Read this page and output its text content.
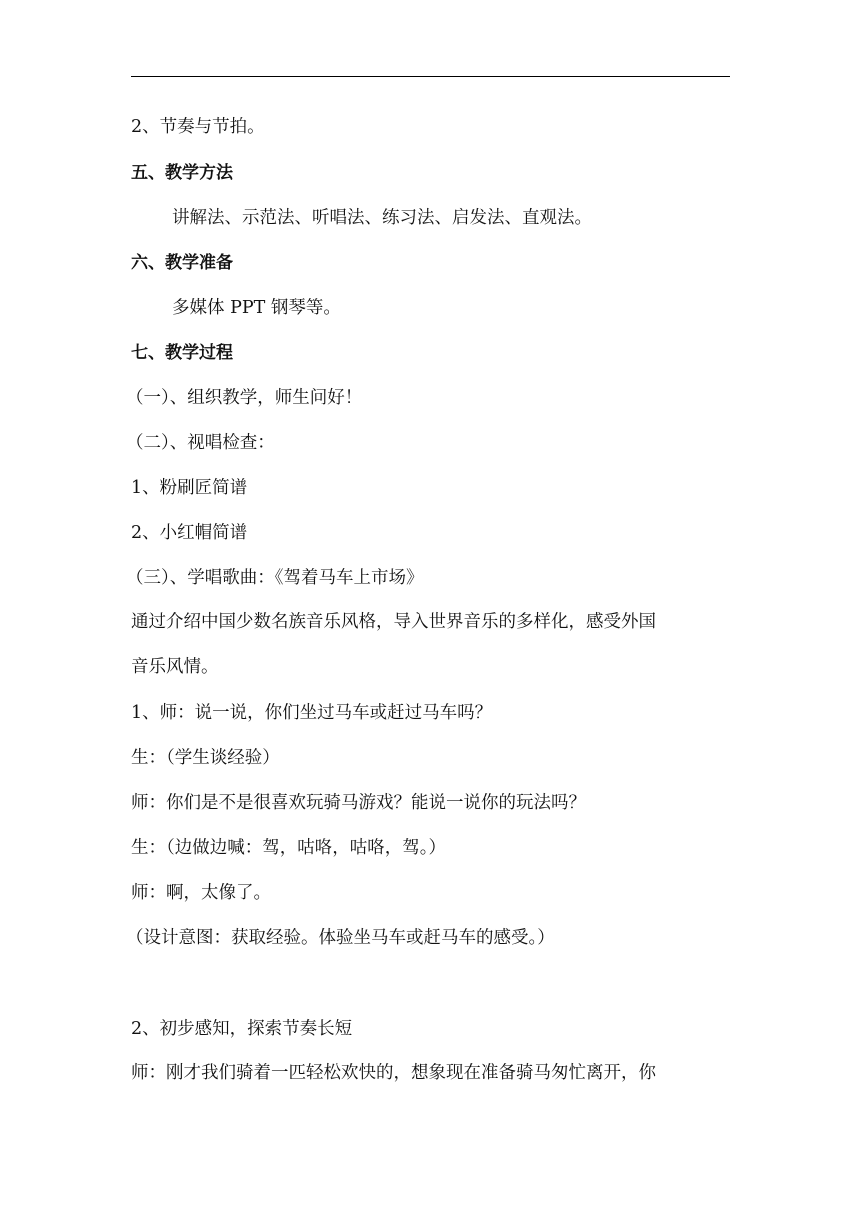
2、节奏与节拍。
五、教学方法
讲解法、示范法、听唱法、练习法、启发法、直观法。
六、教学准备
多媒体 PPT 钢琴等。
七、教学过程
（一）、组织教学，师生问好！
（二）、视唱检查：
1、粉刷匠简谱
2、小红帽简谱
（三）、学唱歌曲：《驾着马车上市场》
通过介绍中国少数名族音乐风格，导入世界音乐的多样化，感受外国
音乐风情。
1、师：说一说，你们坐过马车或赶过马车吗？
生：（学生谈经验）
师：你们是不是很喜欢玩骑马游戏？能说一说你的玩法吗？
生：（边做边喊：驾，咕咯，咕咯，驾。）
师：啊，太像了。
（设计意图：获取经验。体验坐马车或赶马车的感受。）
2、初步感知，探索节奏长短
师：刚才我们骑着一匹轻松欢快的，想象现在准备骑马匆忙离开，你
